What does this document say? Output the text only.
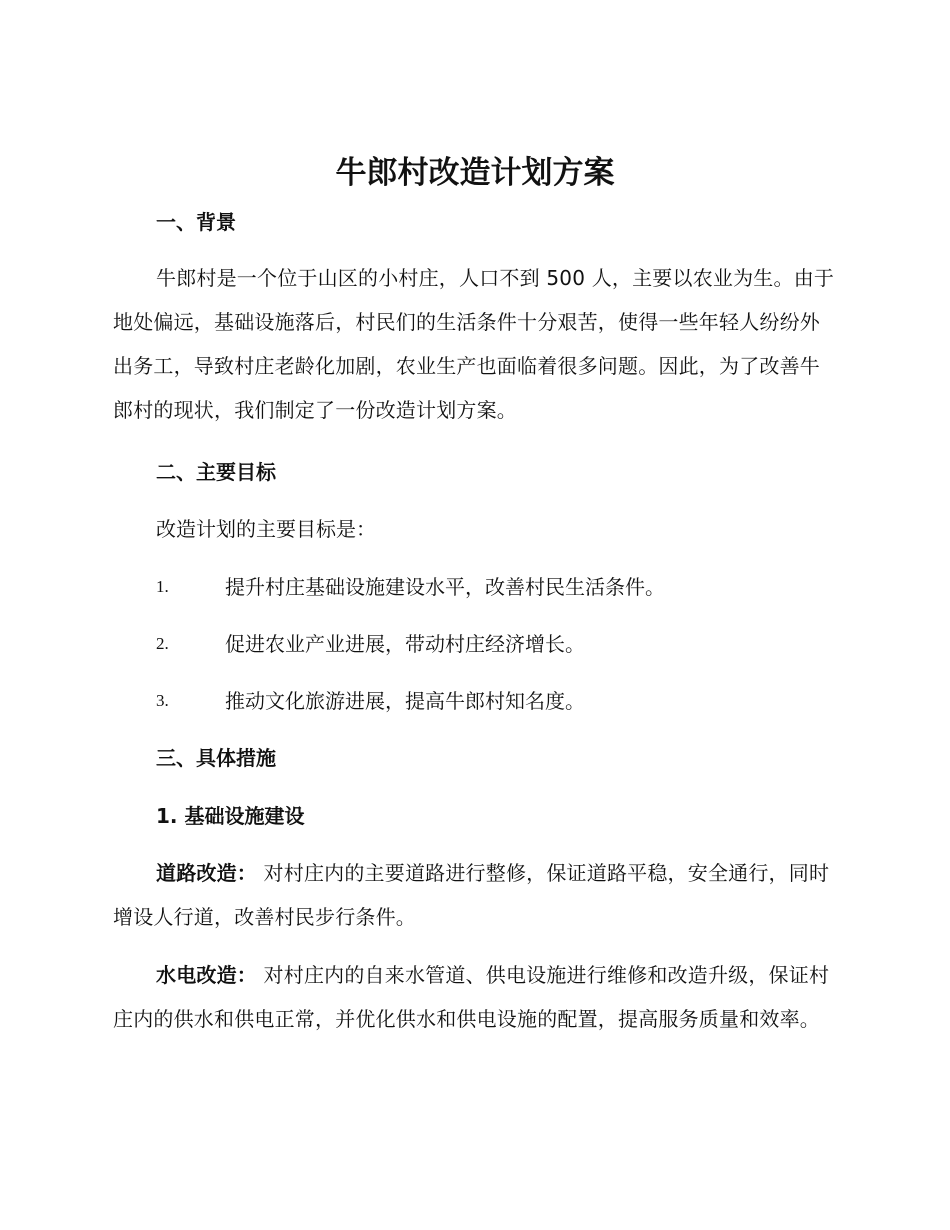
牛郎村改造计划方案
一、背景

牛郎村是一个位于山区的小村庄，人口不到 500 人，主要以农业为生。由于地处偏远，基础设施落后，村民们的生活条件十分艰苦，使得一些年轻人纷纷外出务工，导致村庄老龄化加剧，农业生产也面临着很多问题。因此，为了改善牛郎村的现状，我们制定了一份改造计划方案。

二、主要目标

改造计划的主要目标是：

1.	提升村庄基础设施建设水平，改善村民生活条件。
2.	促进农业产业进展，带动村庄经济增长。
3.	推动文化旅游进展，提高牛郎村知名度。
三、具体措施
1. 基础设施建设

道路改造： 对村庄内的主要道路进行整修，保证道路平稳，安全通行，同时增设人行道，改善村民步行条件。

水电改造： 对村庄内的自来水管道、供电设施进行维修和改造升级，保证村庄内的供水和供电正常，并优化供水和供电设施的配置，提高服务质量和效率。
